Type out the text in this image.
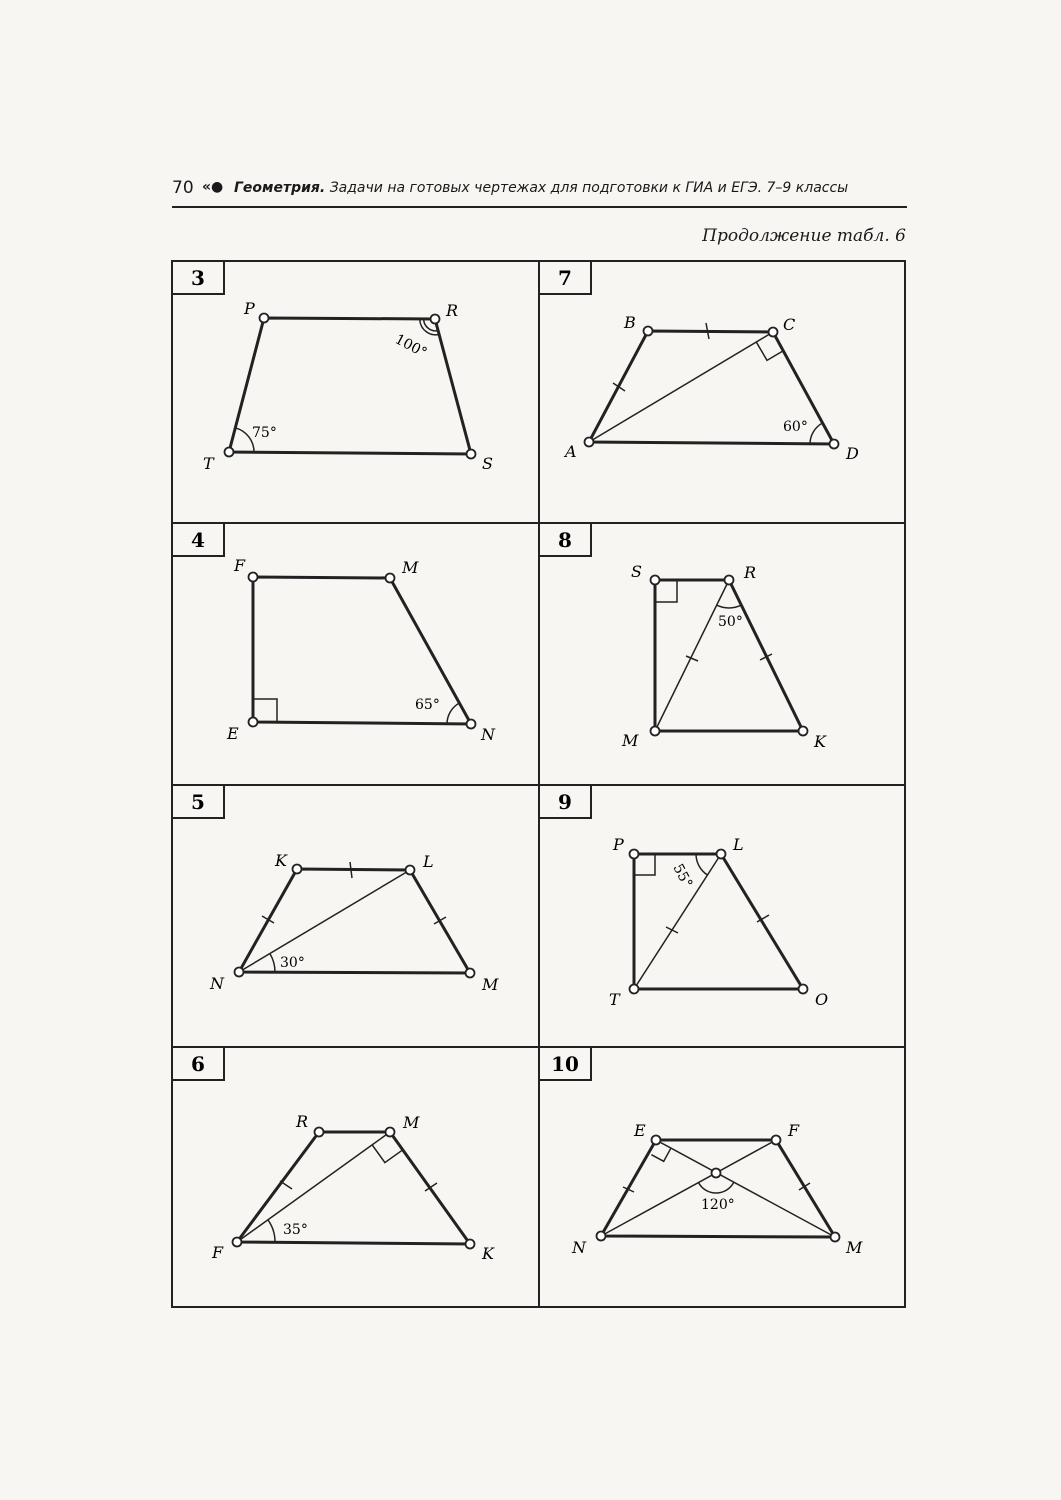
70 «● Геометрия. Задачи на готовых чертежах для подготовки к ГИА и ЕГЭ. 7–9 классы
Продолжение табл. 6
3	7
4	8
5	9
6	10
P	R
T	S
100°
75°
B	C
A	D
60°
F	M
E	N
65°
S	R
M	K
50°
K	L
N	M
30°
P	L
T	O
55°
R	M
F	K
35°
E	F
N	M
120°
